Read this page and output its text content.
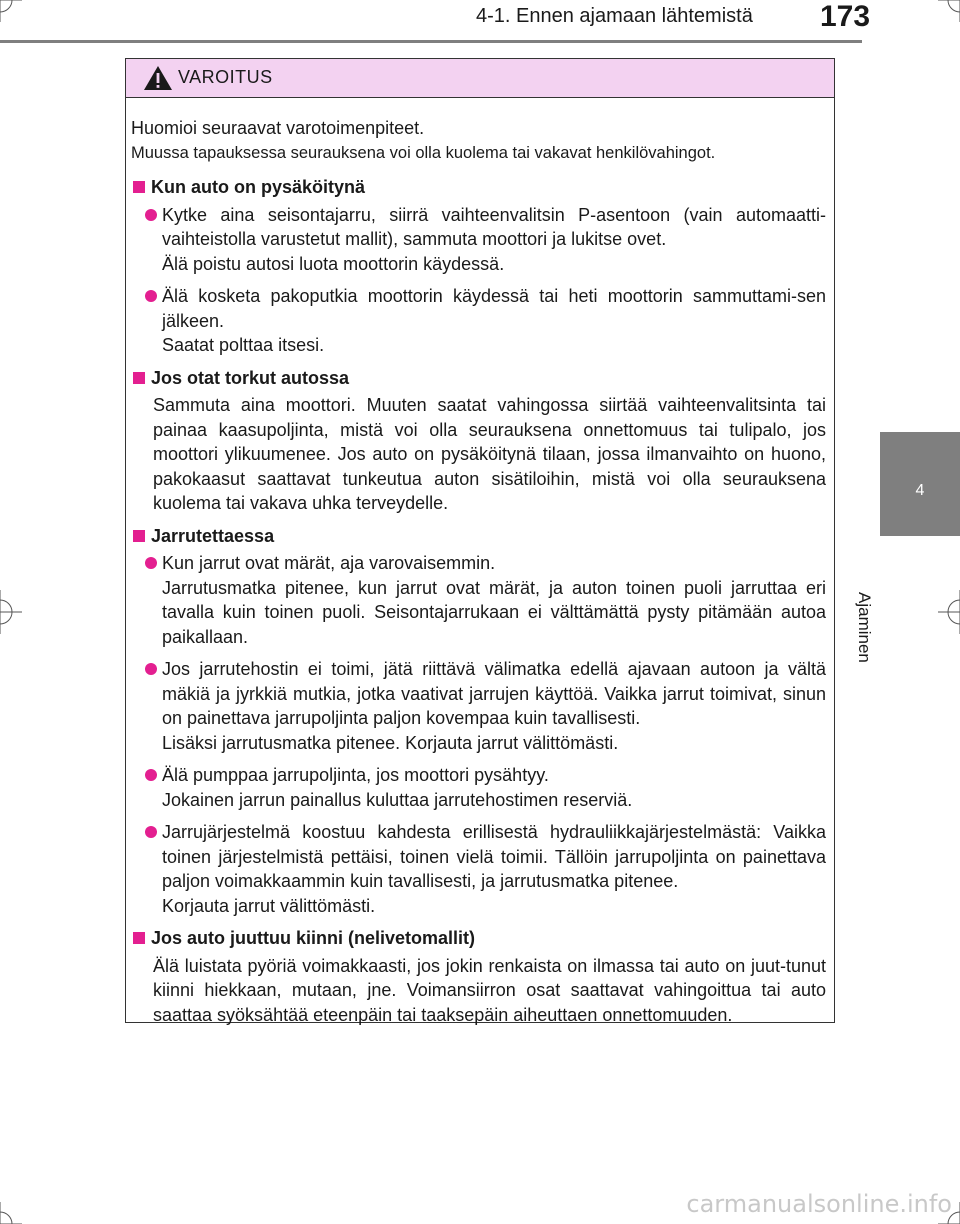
4-1. Ennen ajamaan lähtemistä 173
4
Ajaminen
VAROITUS
Huomioi seuraavat varotoimenpiteet.
Muussa tapauksessa seurauksena voi olla kuolema tai vakavat henkilövahingot.
Kun auto on pysäköitynä
Kytke aina seisontajarru, siirrä vaihteenvalitsin P-asentoon (vain automaatti-vaihteistolla varustetut mallit), sammuta moottori ja lukitse ovet.
Älä poistu autosi luota moottorin käydessä.
Älä kosketa pakoputkia moottorin käydessä tai heti moottorin sammuttami-sen jälkeen.
Saatat polttaa itsesi.
Jos otat torkut autossa
Sammuta aina moottori. Muuten saatat vahingossa siirtää vaihteenvalitsinta tai painaa kaasupoljinta, mistä voi olla seurauksena onnettomuus tai tulipalo, jos moottori ylikuumenee. Jos auto on pysäköitynä tilaan, jossa ilmanvaihto on huono, pakokaasut saattavat tunkeutua auton sisätiloihin, mistä voi olla seurauksena kuolema tai vakava uhka terveydelle.
Jarrutettaessa
Kun jarrut ovat märät, aja varovaisemmin.
Jarrutusmatka pitenee, kun jarrut ovat märät, ja auton toinen puoli jarruttaa eri tavalla kuin toinen puoli. Seisontajarrukaan ei välttämättä pysty pitämään autoa paikallaan.
Jos jarrutehostin ei toimi, jätä riittävä välimatka edellä ajavaan autoon ja vältä mäkiä ja jyrkkiä mutkia, jotka vaativat jarrujen käyttöä. Vaikka jarrut toimivat, sinun on painettava jarrupoljinta paljon kovempaa kuin tavallisesti.
Lisäksi jarrutusmatka pitenee. Korjauta jarrut välittömästi.
Älä pumppaa jarrupoljinta, jos moottori pysähtyy.
Jokainen jarrun painallus kuluttaa jarrutehostimen reserviä.
Jarrujärjestelmä koostuu kahdesta erillisestä hydrauliikkajärjestelmästä: Vaikka toinen järjestelmistä pettäisi, toinen vielä toimii. Tällöin jarrupoljinta on painettava paljon voimakkaammin kuin tavallisesti, ja jarrutusmatka pitenee.
Korjauta jarrut välittömästi.
Jos auto juuttuu kiinni (nelivetomallit)
Älä luistata pyöriä voimakkaasti, jos jokin renkaista on ilmassa tai auto on juut-tunut kiinni hiekkaan, mutaan, jne. Voimansiirron osat saattavat vahingoittua tai auto saattaa syöksähtää eteenpäin tai taaksepäin aiheuttaen onnettomuuden.
carmanualsonline.info
